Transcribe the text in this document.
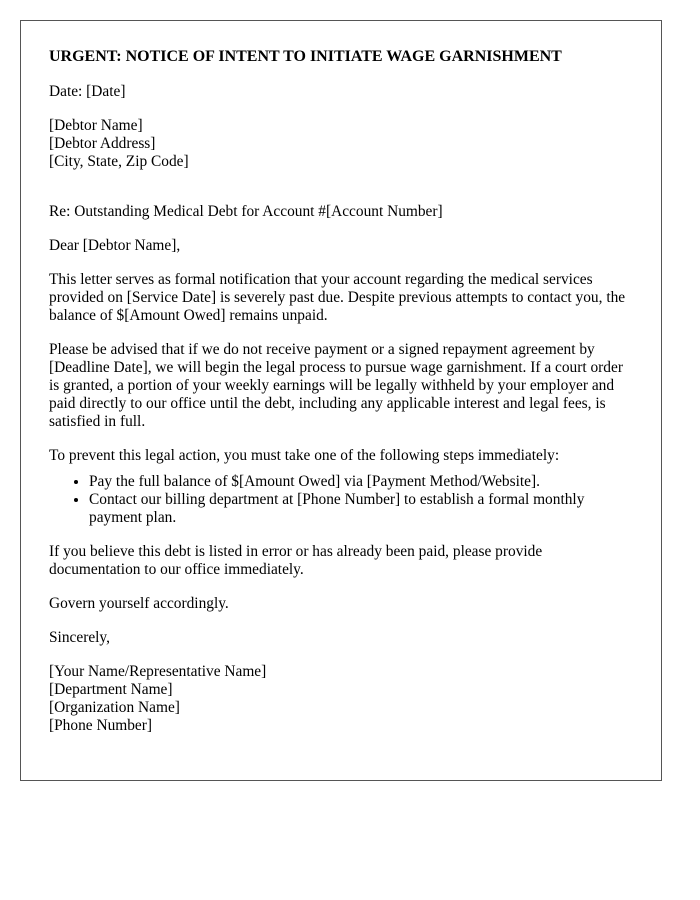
URGENT: NOTICE OF INTENT TO INITIATE WAGE GARNISHMENT

Date: [Date]

[Debtor Name]
[Debtor Address]
[City, State, Zip Code]

Re: Outstanding Medical Debt for Account #[Account Number]

Dear [Debtor Name],

This letter serves as formal notification that your account regarding the medical services provided on [Service Date] is severely past due. Despite previous attempts to contact you, the balance of $[Amount Owed] remains unpaid.

Please be advised that if we do not receive payment or a signed repayment agreement by [Deadline Date], we will begin the legal process to pursue wage garnishment. If a court order is granted, a portion of your weekly earnings will be legally withheld by your employer and paid directly to our office until the debt, including any applicable interest and legal fees, is satisfied in full.

To prevent this legal action, you must take one of the following steps immediately:

• Pay the full balance of $[Amount Owed] via [Payment Method/Website].
• Contact our billing department at [Phone Number] to establish a formal monthly payment plan.

If you believe this debt is listed in error or has already been paid, please provide documentation to our office immediately.

Govern yourself accordingly.

Sincerely,

[Your Name/Representative Name]
[Department Name]
[Organization Name]
[Phone Number]
